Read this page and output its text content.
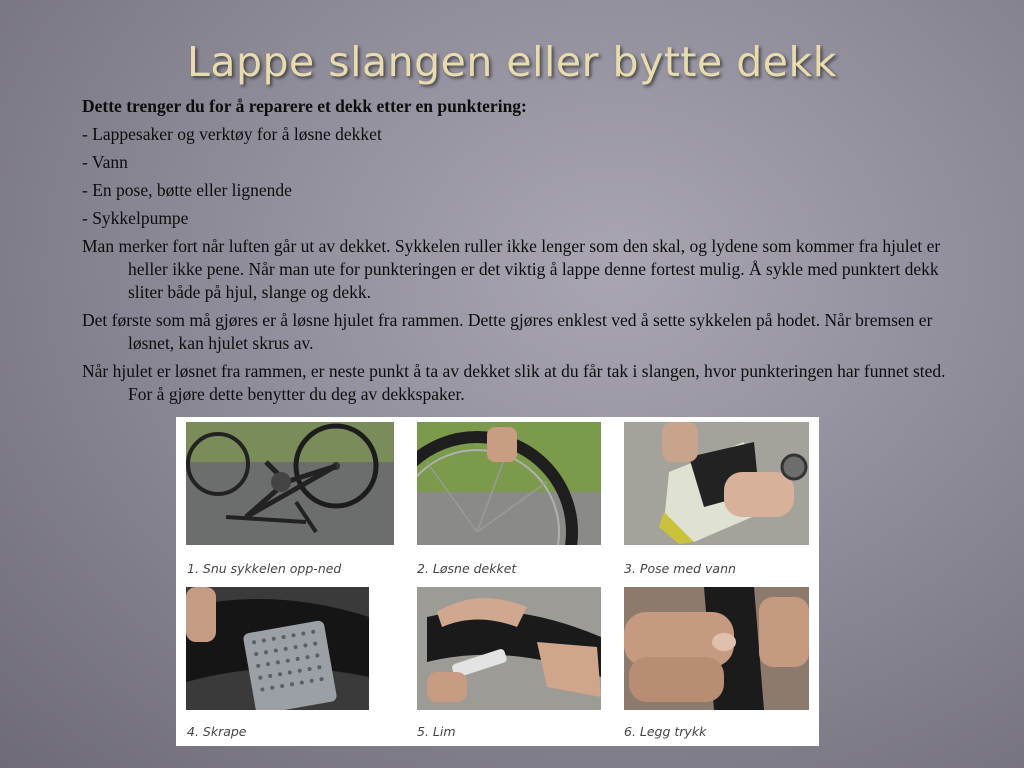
Lappe slangen eller bytte dekk

Dette trenger du for å reparere et dekk etter en punktering:

- Lappesaker og verktøy for å løsne dekket

- Vann

- En pose, bøtte eller lignende

- Sykkelpumpe

Man merker fort når luften går ut av dekket. Sykkelen ruller ikke lenger som den skal, og lydene som kommer fra hjulet er heller ikke pene. Når man ute for punkteringen er det viktig å lappe denne fortest mulig. Å sykle med punktert dekk sliter både på hjul, slange og dekk.

Det første som må gjøres er å løsne hjulet fra rammen. Dette gjøres enklest ved å sette sykkelen på hodet. Når bremsen er løsnet, kan hjulet skrus av.

Når hjulet er løsnet fra rammen, er neste punkt å ta av dekket slik at du får tak i slangen, hvor punkteringen har funnet sted. For å gjøre dette benytter du deg av dekkspaker.

1. Snu sykkelen opp-ned	2. Løsne dekket	3. Pose med vann
4. Skrape	5. Lim	6. Legg trykk
